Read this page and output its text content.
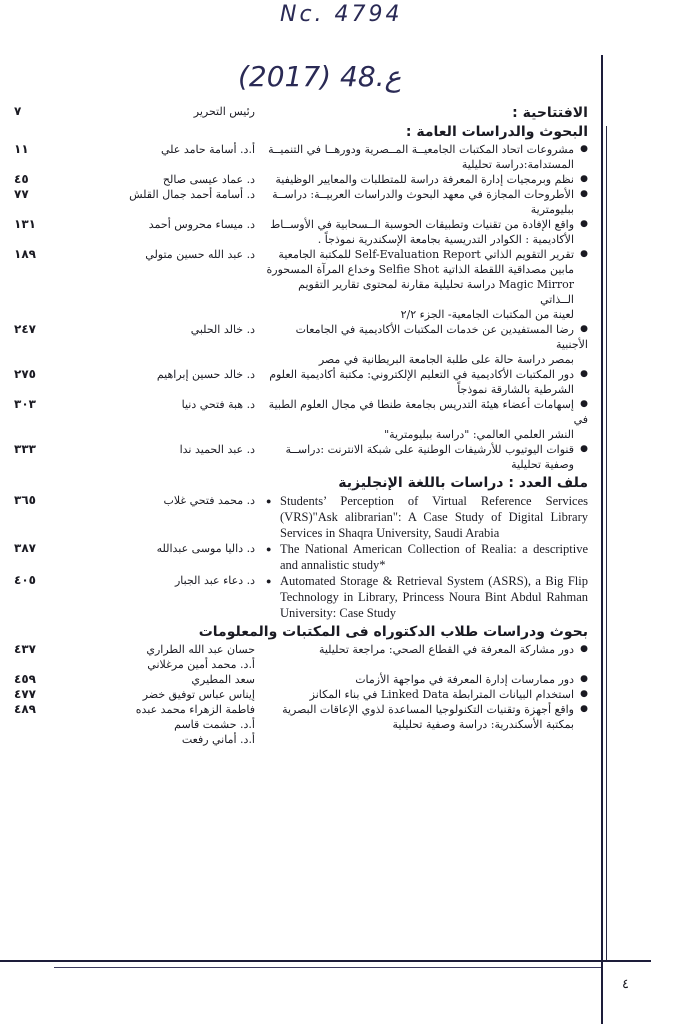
Nc. 4794
(2017) 48.ع
٤
الافتتاحية :
رئيس التحرير
٧
البحوث والدراسات العامة :
●مشروعات اتحاد المكتبات الجامعيــة المــصرية ودورهــا في التنميــة
المستدامة:دراسة تحليلية
أ.د. أسامة حامد علي
١١
●نظم وبرمجيات إدارة المعرفة دراسة للمتطلبات والمعايير الوظيفية
د. عماد عيسى صالح
٤٥
●الأطروحات المجازة في معهد البحوث والدراسات العربيــة: دراســة
ببليومترية
د. أسامة أحمد جمال القلش
٧٧
●واقع الإفادة من تقنيات وتطبيقات الحوسبة الــسحابية في الأوســاط
الأكاديمية : الكوادر التدريسية بجامعة الإسكندرية نموذجاً .
د. ميساء محروس أحمد
١٣١
●تقرير التقويم الذاتي Self-Evaluation Report للمكتبة الجامعية
مابين مصداقية اللقطة الذاتية Selfie Shot وخداع المرآة المسحورة
Magic Mirror دراسة تحليلية مقارنة لمحتوى تقارير التقويم الــذاتي
لعينة من المكتبات الجامعية- الجزء ٢/٢
د. عبد الله حسين متولي
١٨٩
●رضا المستفيدين عن خدمات المكتبات الأكاديمية في الجامعات الأجنبية
بمصر دراسة حالة على طلبة الجامعة البريطانية في مصر
د. خالد الحلبي
٢٤٧
●دور المكتبات الأكاديمية في التعليم الإلكتروني: مكتبة أكاديمية العلوم
الشرطية بالشارقة نموذجاً
د. خالد حسين إبراهيم
٢٧٥
●إسهامات أعضاء هيئة التدريس بجامعة طنطا في مجال العلوم الطبية في
النشر العلمي العالمي: "دراسة ببليومترية"
د. هبة فتحي دنيا
٣٠٣
●قنوات اليوتيوب للأرشيفات الوطنية على شبكة الانترنت :دراســة
وصفية تحليلية
د. عبد الحميد ندا
٣٣٣
ملف العدد : دراسات باللغة الإنجليزية
● Students’ Perception of Virtual Reference Services (VRS)"Ask alibrarian": A Case Study of Digital Library Services in Shaqra University, Saudi Arabia
د. محمد فتحي غلاب
٣٦٥
● The National American Collection of Realia: a descriptive and annalistic study*
د. داليا موسى عبدالله
٣٨٧
● Automated Storage & Retrieval System (ASRS), a Big Flip Technology in Library, Princess Noura Bint Abdul Rahman University: Case Study
د. دعاء عبد الجبار
٤٠٥
بحوث ودراسات طلاب الدكتوراه فى المكتبات والمعلومات
●دور مشاركة المعرفة في القطاع الصحي: مراجعة تحليلية
حسان عبد الله الطراري
أ.د. محمد أمين مرغلاني
٤٣٧
●دور ممارسات إدارة المعرفة في مواجهة الأزمات
سعد المطيري
٤٥٩
●استخدام البيانات المترابطة Linked Data في بناء المكانز
إيناس عباس توفيق خضر
٤٧٧
●واقع أجهزة وتقنيات التكنولوجيا المساعدة لذوي الإعاقات البصرية
بمكتبة الأسكندرية: دراسة وصفية تحليلية
فاطمة الزهراء محمد عبده
أ.د. حشمت قاسم
أ.د. أماني رفعت
٤٨٩
